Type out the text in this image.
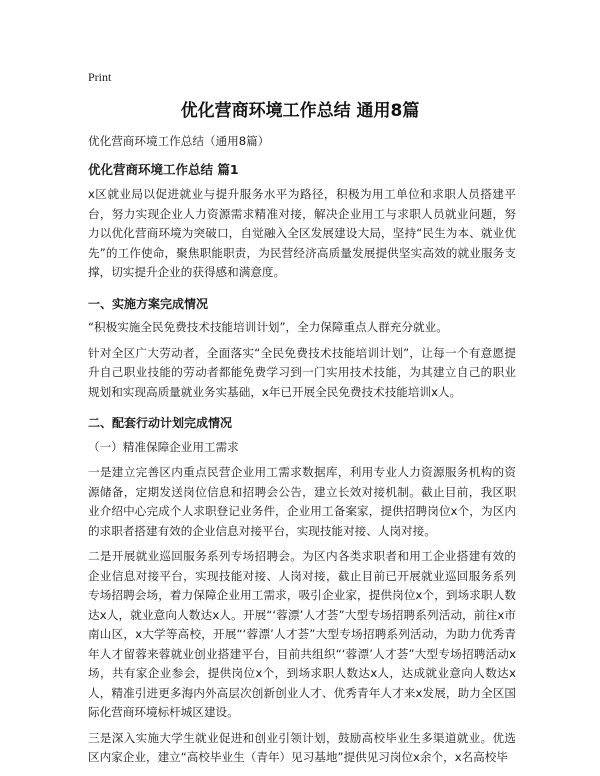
Print
优化营商环境工作总结 通用8篇

优化营商环境工作总结（通用8篇）

优化营商环境工作总结 篇1

x区就业局以促进就业与提升服务水平为路径，积极为用工单位和求职人员搭建平台，努力实现企业人力资源需求精准对接，解决企业用工与求职人员就业问题，努力以优化营商环境为突破口，自觉融入全区发展建设大局，坚持“民生为本、就业优先”的工作使命，聚焦职能职责，为民营经济高质量发展提供坚实高效的就业服务支撑，切实提升企业的获得感和满意度。

一、实施方案完成情况

“积极实施全民免费技术技能培训计划”，全力保障重点人群充分就业。

针对全区广大劳动者，全面落实“全民免费技术技能培训计划”，让每一个有意愿提升自己职业技能的劳动者都能免费学习到一门实用技术技能，为其建立自己的职业规划和实现高质量就业务实基础，x年已开展全民免费技术技能培训x人。

二、配套行动计划完成情况

（一）精准保障企业用工需求

一是建立完善区内重点民营企业用工需求数据库，利用专业人力资源服务机构的资源储备，定期发送岗位信息和招聘会公告，建立长效对接机制。截止目前，我区职业介绍中心完成个人求职登记业务件，企业用工备案家，提供招聘岗位x个，为区内的求职者搭建有效的企业信息对接平台，实现技能对接、人岗对接。

二是开展就业巡回服务系列专场招聘会。为区内各类求职者和用工企业搭建有效的企业信息对接平台，实现技能对接、人岗对接，截止目前已开展就业巡回服务系列专场招聘会场，着力保障企业用工需求，吸引企业家，提供岗位x个，到场求职人数达x人，就业意向人数达x人。开展“‘蓉漂’人才荟”大型专场招聘系列活动，前往x市南山区，x大学等高校，开展“‘蓉漂’人才荟”大型专场招聘系列活动，为助力优秀青年人才留蓉来蓉就业创业搭建平台，目前共组织“‘蓉漂’人才荟”大型专场招聘活动x场，共有家企业参会，提供岗位x个，到场求职人数达x人，达成就业意向人数达x人，精准引进更多海内外高层次创新创业人才、优秀青年人才来x发展，助力全区国际化营商环境标杆城区建设。

三是深入实施大学生就业促进和创业引领计划，鼓励高校毕业生多渠道就业。优选区内家企业，建立“高校毕业生（青年）见习基地”提供见习岗位x余个，x名高校毕
